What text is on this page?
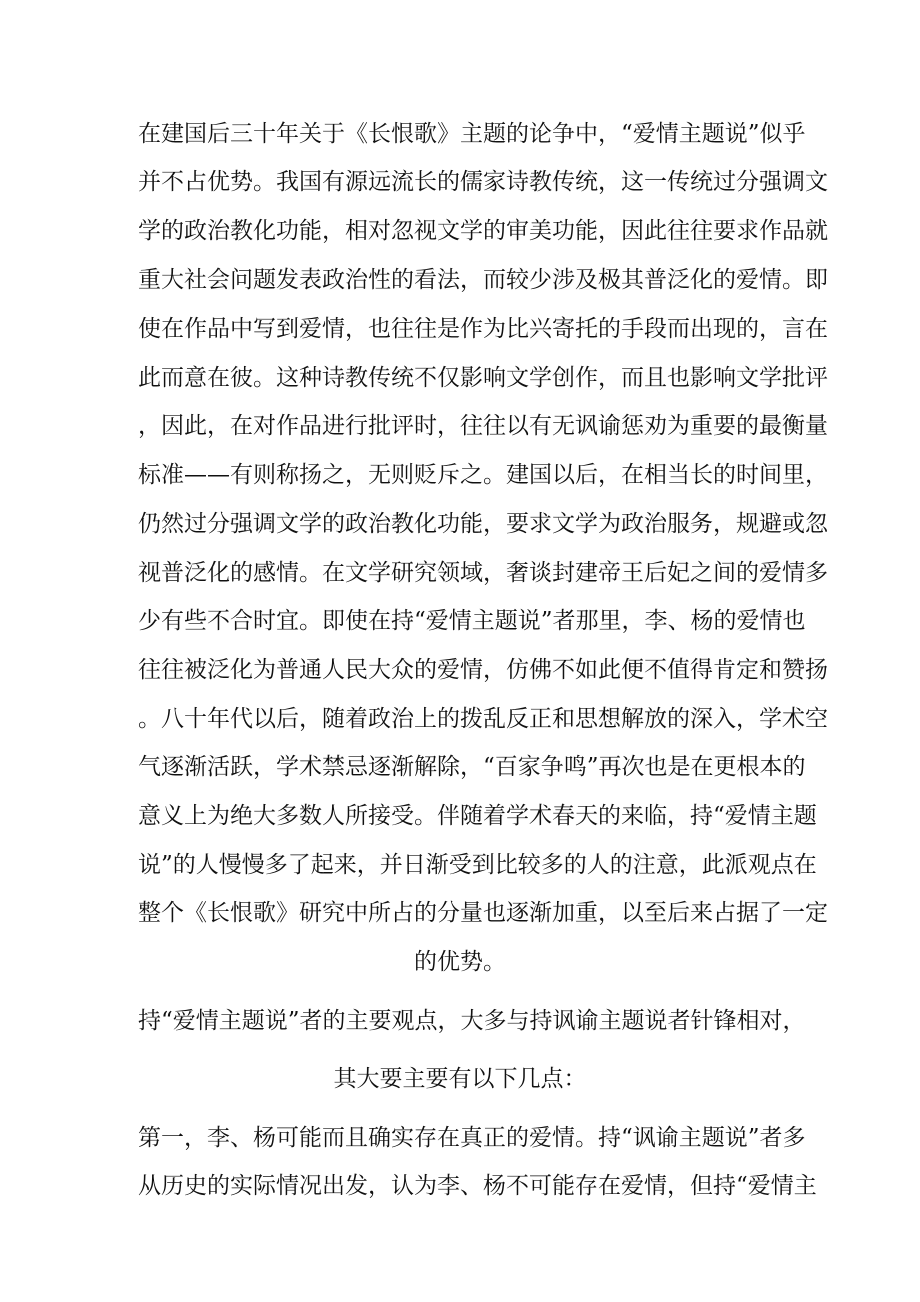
在建国后三十年关于《长恨歌》主题的论争中，“爱情主题说”似乎
并不占优势。我国有源远流长的儒家诗教传统，这一传统过分强调文
学的政治教化功能，相对忽视文学的审美功能，因此往往要求作品就
重大社会问题发表政治性的看法，而较少涉及极其普泛化的爱情。即
使在作品中写到爱情，也往往是作为比兴寄托的手段而出现的，言在
此而意在彼。这种诗教传统不仅影响文学创作，而且也影响文学批评
，因此，在对作品进行批评时，往往以有无讽谕惩劝为重要的最衡量
标准——有则称扬之，无则贬斥之。建国以后，在相当长的时间里，
仍然过分强调文学的政治教化功能，要求文学为政治服务，规避或忽
视普泛化的感情。在文学研究领域，奢谈封建帝王后妃之间的爱情多
少有些不合时宜。即使在持“爱情主题说”者那里，李、杨的爱情也
往往被泛化为普通人民大众的爱情，仿佛不如此便不值得肯定和赞扬
。八十年代以后，随着政治上的拨乱反正和思想解放的深入，学术空
气逐渐活跃，学术禁忌逐渐解除，“百家争鸣”再次也是在更根本的
意义上为绝大多数人所接受。伴随着学术春天的来临，持“爱情主题
说”的人慢慢多了起来，并日渐受到比较多的人的注意，此派观点在
整个《长恨歌》研究中所占的分量也逐渐加重，以至后来占据了一定
的优势。
持“爱情主题说”者的主要观点，大多与持讽谕主题说者针锋相对，
其大要主要有以下几点：
第一，李、杨可能而且确实存在真正的爱情。持“讽谕主题说”者多
从历史的实际情况出发，认为李、杨不可能存在爱情，但持“爱情主
